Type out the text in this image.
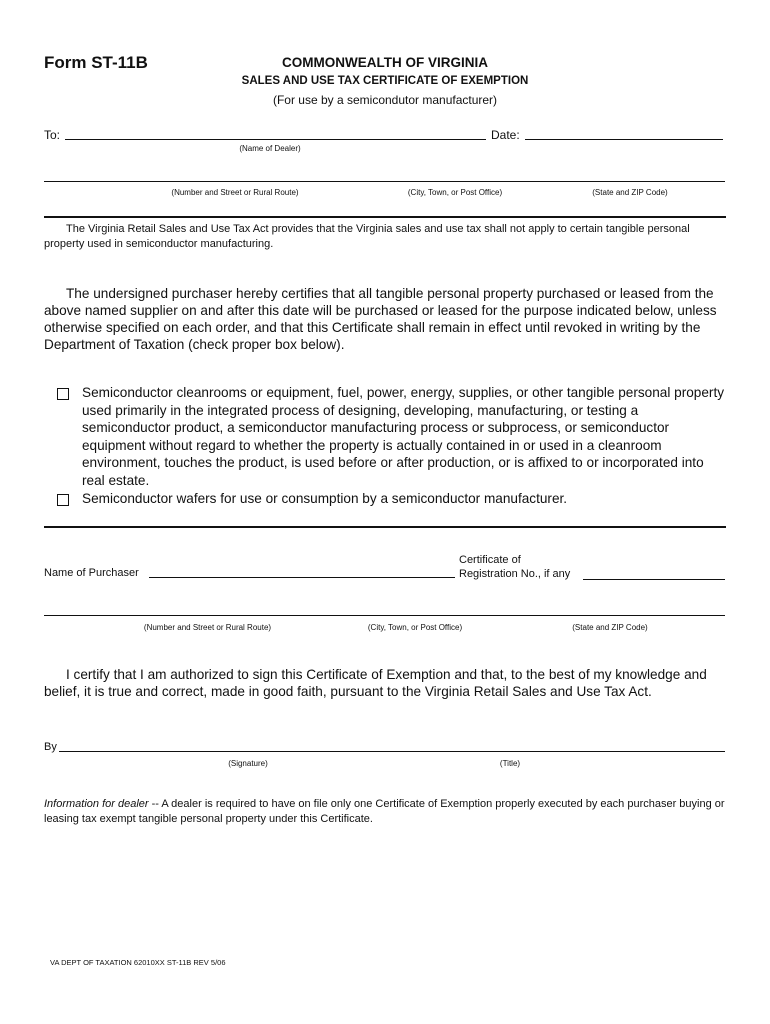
Form ST-11B	COMMONWEALTH OF VIRGINIA
SALES AND USE TAX CERTIFICATE OF EXEMPTION
(For use by a semicondutor manufacturer)
To:	Date:
(Name of Dealer)
(Number and Street or Rural Route)	(City, Town, or Post Office)	(State and ZIP Code)
The Virginia Retail Sales and Use Tax Act provides that the Virginia sales and use tax shall not apply to certain tangible personal property used in semiconductor manufacturing.
The undersigned purchaser hereby certifies that all tangible personal property purchased or leased from the above named supplier on and after this date will be purchased or leased for the purpose indicated below, unless otherwise specified on each order, and that this Certificate shall remain in effect until revoked in writing by the Department of Taxation (check proper box below).
Semiconductor cleanrooms or equipment, fuel, power, energy, supplies, or other tangible personal property used primarily in the integrated process of designing, developing, manufacturing, or testing a semiconductor product, a semiconductor manufacturing process or subprocess, or semiconductor equipment without regard to whether the property is actually contained in or used in a cleanroom environment, touches the product, is used before or after production, or is affixed to or incorporated into real estate.
Semiconductor wafers for use or consumption by a semiconductor manufacturer.
Name of Purchaser
Certificate of
Registration No., if any
(Number and Street or Rural Route)	(City, Town, or Post Office)	(State and ZIP Code)
I certify that I am authorized to sign this Certificate of Exemption and that, to the best of my knowledge and belief, it is true and correct, made in good faith, pursuant to the Virginia Retail Sales and Use Tax Act.
By
(Signature)	(Title)
Information for dealer -- A dealer is required to have on file only one Certificate of Exemption properly executed by each purchaser buying or leasing tax exempt tangible personal property under this Certificate.
VA DEPT OF TAXATION 62010XX ST-11B REV 5/06
